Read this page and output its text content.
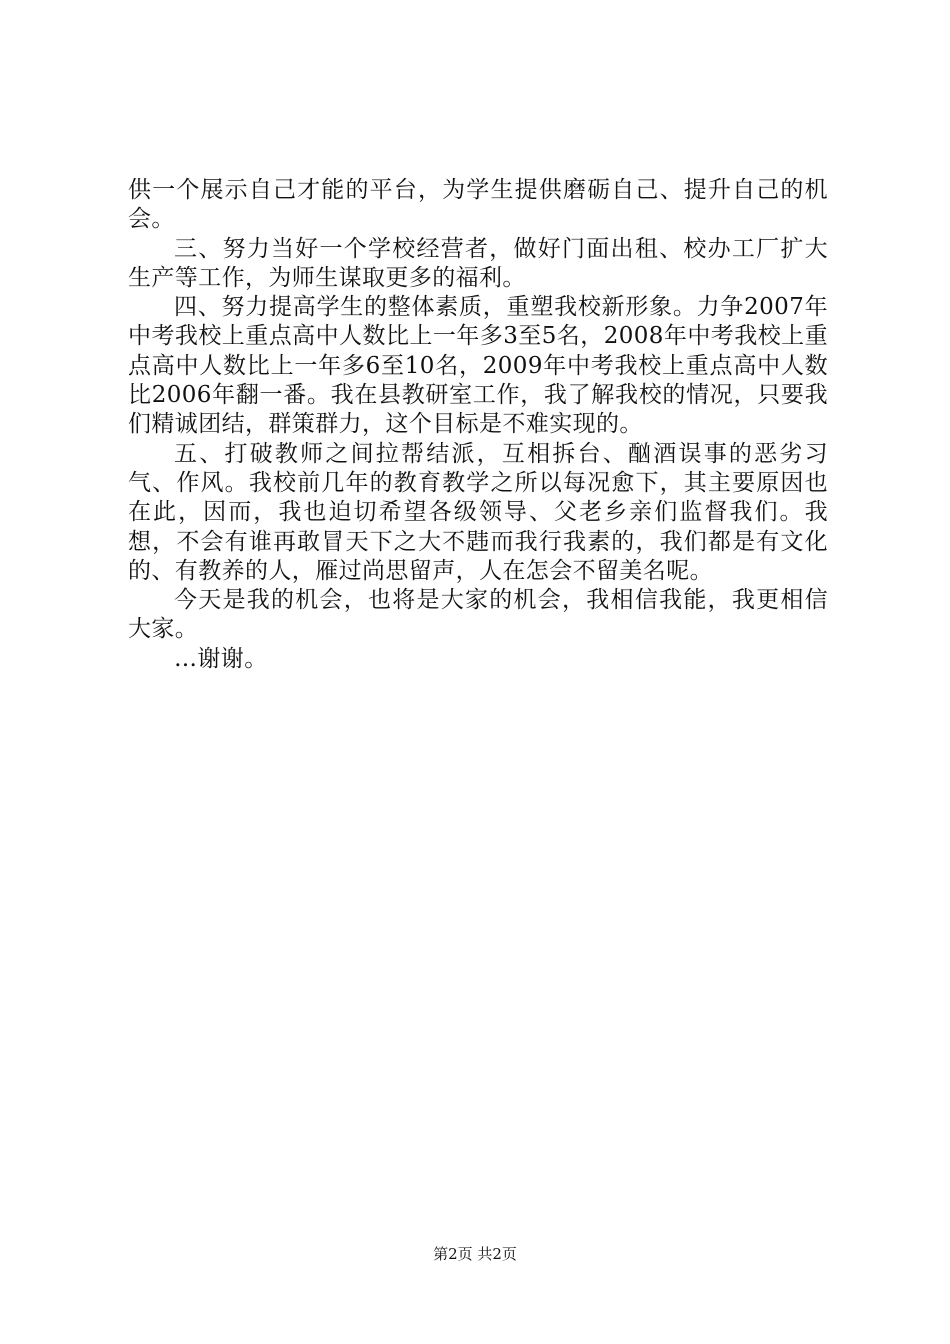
供一个展示自己才能的平台，为学生提供磨砺自己、提升自己的机会。

三、努力当好一个学校经营者，做好门面出租、校办工厂扩大生产等工作，为师生谋取更多的福利。

四、努力提高学生的整体素质，重塑我校新形象。力争2007年中考我校上重点高中人数比上一年多3至5名，2008年中考我校上重点高中人数比上一年多6至10名，2009年中考我校上重点高中人数比2006年翻一番。我在县教研室工作，我了解我校的情况，只要我们精诚团结，群策群力，这个目标是不难实现的。

五、打破教师之间拉帮结派，互相拆台、酗酒误事的恶劣习气、作风。我校前几年的教育教学之所以每况愈下，其主要原因也在此，因而，我也迫切希望各级领导、父老乡亲们监督我们。我想，不会有谁再敢冒天下之大不韪而我行我素的，我们都是有文化的、有教养的人，雁过尚思留声，人在怎会不留美名呢。

今天是我的机会，也将是大家的机会，我相信我能，我更相信大家。

…谢谢。

第2页 共2页
